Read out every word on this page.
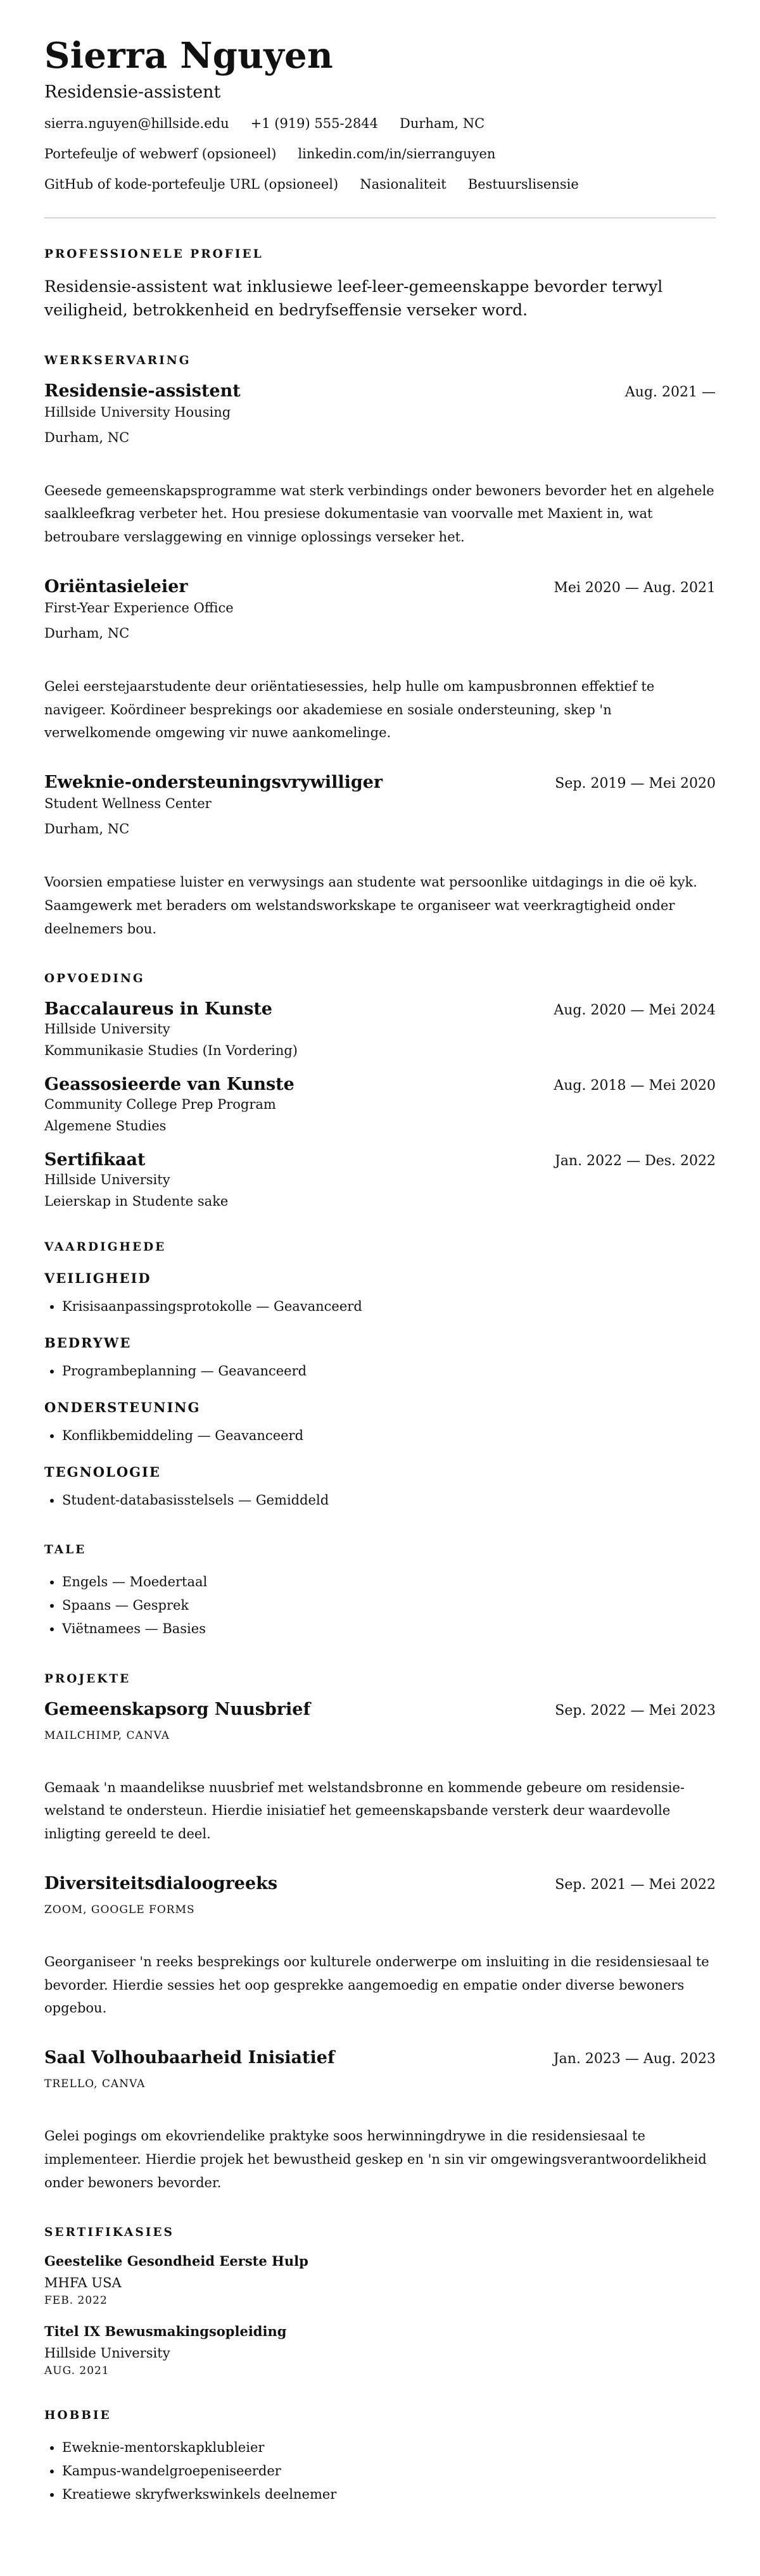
Sierra Nguyen
Residensie-assistent
sierra.nguyen@hillside.edu +1 (919) 555-2844 Durham, NC
Portefeulje of webwerf (opsioneel) linkedin.com/in/sierranguyen
GitHub of kode-portefeulje URL (opsioneel) Nasionaliteit Bestuurslisensie
PROFESSIONELE PROFIEL

Residensie-assistent wat inklusiewe leef-leer-gemeenskappe bevorder terwyl veiligheid, betrokkenheid en bedryfseffensie verseker word.

WERKSERVARING
Residensie-assistent	Aug. 2021 —
Hillside University Housing
Durham, NC
Geesede gemeenskapsprogramme wat sterk verbindings onder bewoners bevorder het en algehele saalkleefkrag verbeter het. Hou presiese dokumentasie van voorvalle met Maxient in, wat betroubare verslaggewing en vinnige oplossings verseker het.
Oriëntasieleier	Mei 2020 — Aug. 2021
First-Year Experience Office
Durham, NC
Gelei eerstejaarstudente deur oriëntatiesessies, help hulle om kampusbronnen effektief te navigeer. Koördineer besprekings oor akademiese en sosiale ondersteuning, skep 'n verwelkomende omgewing vir nuwe aankomelinge.
Eweknie-ondersteuningsvrywilliger	Sep. 2019 — Mei 2020
Student Wellness Center
Durham, NC
Voorsien empatiese luister en verwysings aan studente wat persoonlike uitdagings in die oë kyk. Saamgewerk met beraders om welstandsworkskape te organiseer wat veerkragtigheid onder deelnemers bou.
OPVOEDING
Baccalaureus in Kunste	Aug. 2020 — Mei 2024
Hillside University
Kommunikasie Studies (In Vordering)
Geassosieerde van Kunste	Aug. 2018 — Mei 2020
Community College Prep Program
Algemene Studies
Sertifikaat	Jan. 2022 — Des. 2022
Hillside University
Leierskap in Studente sake
VAARDIGHEDE
VEILIGHEID
• Krisisaanpassingsprotokolle — Geavanceerd
BEDRYWE
• Programbeplanning — Geavanceerd
ONDERSTEUNING
• Konflikbemiddeling — Geavanceerd
TEGNOLOGIE
• Student-databasisstelsels — Gemiddeld
TALE
• Engels — Moedertaal
• Spaans — Gesprek
• Viëtnamees — Basies
PROJEKTE
Gemeenskapsorg Nuusbrief	Sep. 2022 — Mei 2023
MAILCHIMP, CANVA
Gemaak 'n maandelikse nuusbrief met welstandsbronne en kommende gebeure om residensie-welstand te ondersteun. Hierdie inisiatief het gemeenskapsbande versterk deur waardevolle inligting gereeld te deel.
Diversiteitsdialoogreeks	Sep. 2021 — Mei 2022
ZOOM, GOOGLE FORMS
Georganiseer 'n reeks besprekings oor kulturele onderwerpe om insluiting in die residensiesaal te bevorder. Hierdie sessies het oop gesprekke aangemoedig en empatie onder diverse bewoners opgebou.
Saal Volhoubaarheid Inisiatief	Jan. 2023 — Aug. 2023
TRELLO, CANVA
Gelei pogings om ekovriendelike praktyke soos herwinningdrywe in die residensiesaal te implementeer. Hierdie projek het bewustheid geskep en 'n sin vir omgewingsverantwoordelikheid onder bewoners bevorder.
SERTIFIKASIES
Geestelike Gesondheid Eerste Hulp
MHFA USA
FEB. 2022
Titel IX Bewusmakingsopleiding
Hillside University
AUG. 2021
HOBBIE
• Eweknie-mentorskapklubleier
• Kampus-wandelgroepeniseerder
• Kreatiewe skryfwerkswinkels deelnemer
